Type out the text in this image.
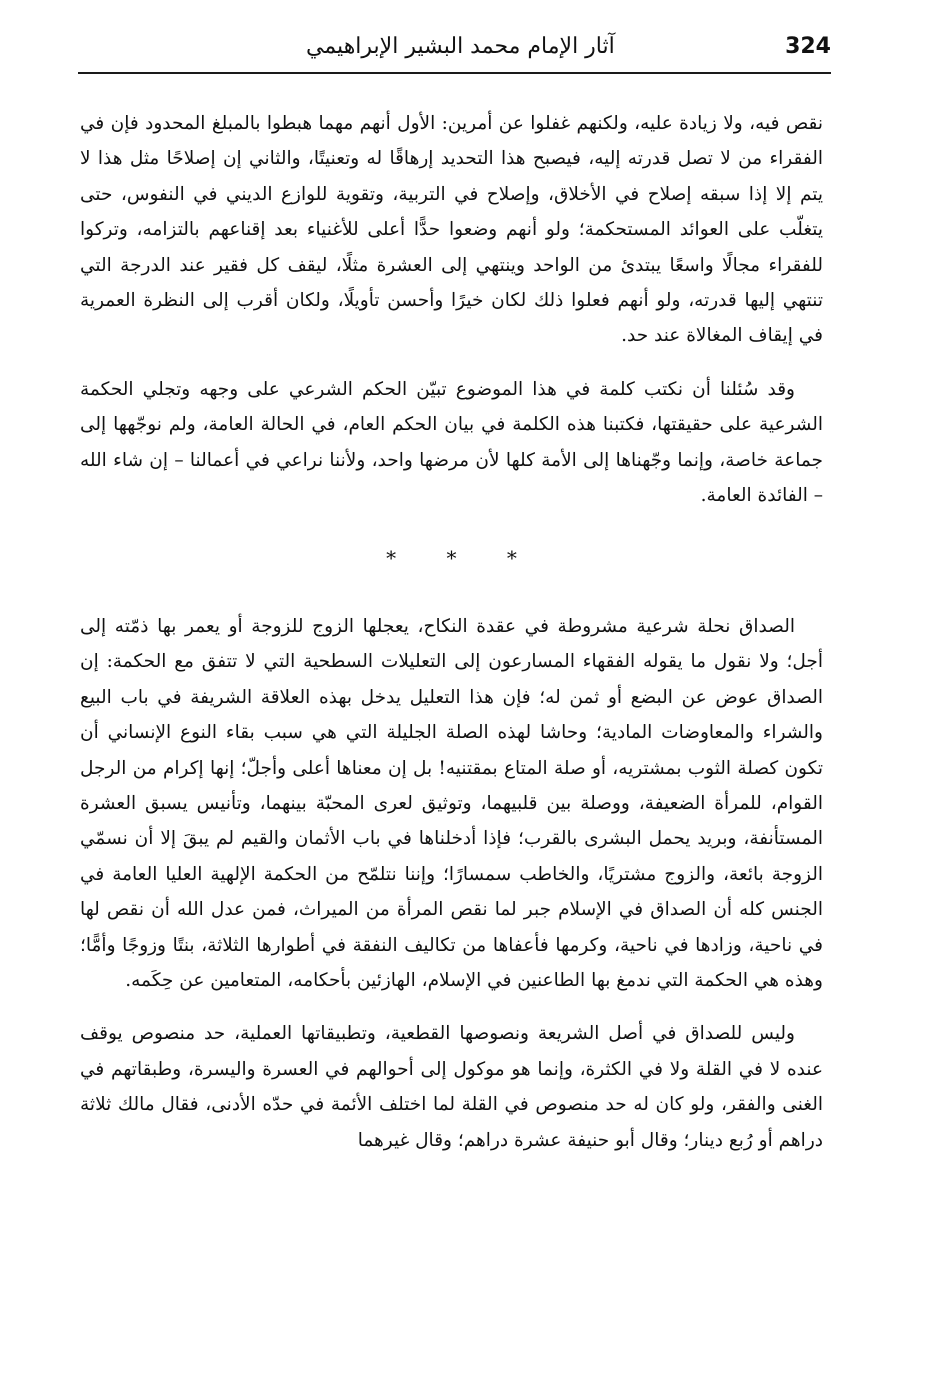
324
آثار الإمام محمد البشير الإبراهيمي

نقص فيه، ولا زيادة عليه، ولكنهم غفلوا عن أمرين: الأول أنهم مهما هبطوا بالمبلغ المحدود فإن في الفقراء من لا تصل قدرته إليه، فيصبح هذا التحديد إرهاقًا له وتعنيتًا، والثاني إن إصلاحًا مثل هذا لا يتم إلا إذا سبقه إصلاح في الأخلاق، وإصلاح في التربية، وتقوية للوازع الديني في النفوس، حتى يتغلّب على العوائد المستحكمة؛ ولو أنهم وضعوا حدًّا أعلى للأغنياء بعد إقناعهم بالتزامه، وتركوا للفقراء مجالًا واسعًا يبتدئ من الواحد وينتهي إلى العشرة مثلًا، ليقف كل فقير عند الدرجة التي تنتهي إليها قدرته، ولو أنهم فعلوا ذلك لكان خيرًا وأحسن تأويلًا، ولكان أقرب إلى النظرة العمرية في إيقاف المغالاة عند حد.

وقد سُئلنا أن نكتب كلمة في هذا الموضوع تبيّن الحكم الشرعي على وجهه وتجلي الحكمة الشرعية على حقيقتها، فكتبنا هذه الكلمة في بيان الحكم العام، في الحالة العامة، ولم نوجّهها إلى جماعة خاصة، وإنما وجّهناها إلى الأمة كلها لأن مرضها واحد، ولأننا نراعي في أعمالنا – إن شاء الله – الفائدة العامة.

* * *

الصداق نحلة شرعية مشروطة في عقدة النكاح، يعجلها الزوج للزوجة أو يعمر بها ذمّته إلى أجل؛ ولا نقول ما يقوله الفقهاء المسارعون إلى التعليلات السطحية التي لا تتفق مع الحكمة: إن الصداق عوض عن البضع أو ثمن له؛ فإن هذا التعليل يدخل بهذه العلاقة الشريفة في باب البيع والشراء والمعاوضات المادية؛ وحاشا لهذه الصلة الجليلة التي هي سبب بقاء النوع الإنساني أن تكون كصلة الثوب بمشتريه، أو صلة المتاع بمقتنيه! بل إن معناها أعلى وأجلّ؛ إنها إكرام من الرجل القوام، للمرأة الضعيفة، ووصلة بين قلبيهما، وتوثيق لعرى المحبّة بينهما، وتأنيس يسبق العشرة المستأنفة، وبريد يحمل البشرى بالقرب؛ فإذا أدخلناها في باب الأثمان والقيم لم يبقَ إلا أن نسمّي الزوجة بائعة، والزوج مشتريًا، والخاطب سمسارًا؛ وإننا نتلمّح من الحكمة الإلهية العليا العامة في الجنس كله أن الصداق في الإسلام جبر لما نقص المرأة من الميراث، فمن عدل الله أن نقص لها في ناحية، وزادها في ناحية، وكرمها فأعفاها من تكاليف النفقة في أطوارها الثلاثة، بنتًا وزوجًا وأمًّا؛ وهذه هي الحكمة التي ندمغ بها الطاعنين في الإسلام، الهازئين بأحكامه، المتعامين عن حِكَمه.

وليس للصداق في أصل الشريعة ونصوصها القطعية، وتطبيقاتها العملية، حد منصوص يوقف عنده لا في القلة ولا في الكثرة، وإنما هو موكول إلى أحوالهم في العسرة واليسرة، وطبقاتهم في الغنى والفقر، ولو كان له حد منصوص في القلة لما اختلف الأئمة في حدّه الأدنى، فقال مالك ثلاثة دراهم أو رُبع دينار؛ وقال أبو حنيفة عشرة دراهم؛ وقال غيرهما
